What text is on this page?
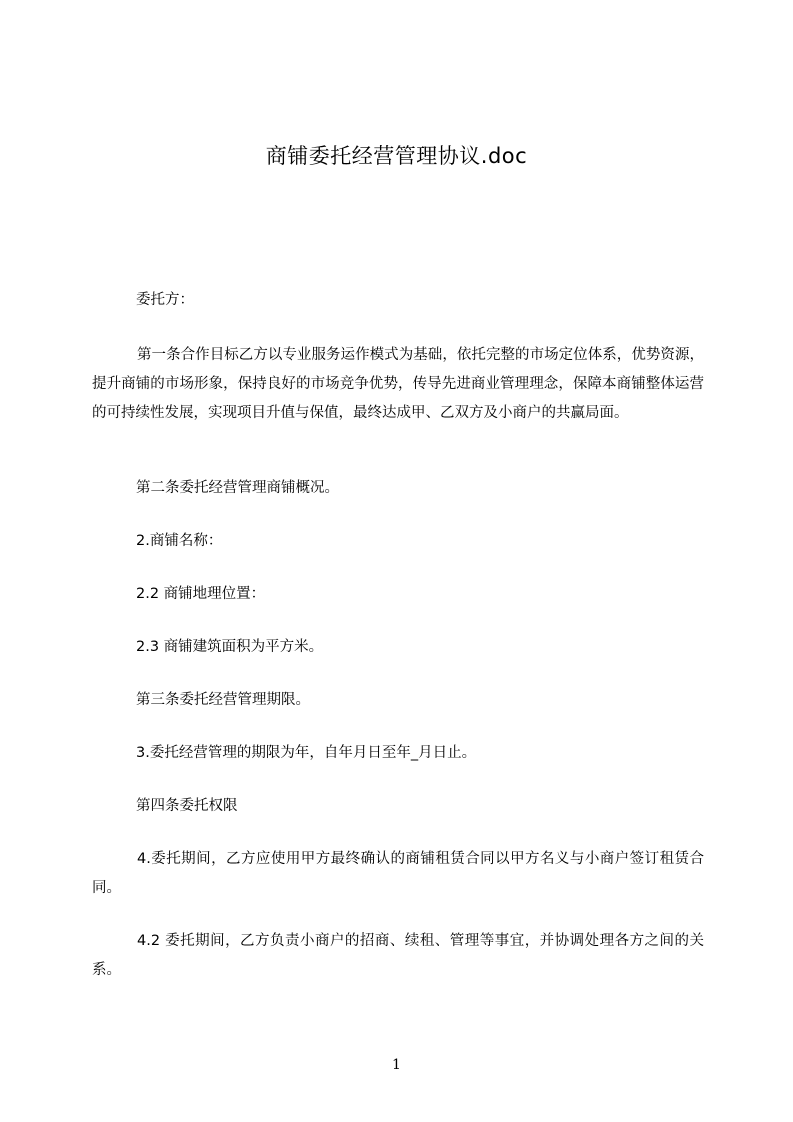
商铺委托经营管理协议.doc
委托方：
第一条合作目标乙方以专业服务运作模式为基础，依托完整的市场定位体系，优势资源，提升商铺的市场形象，保持良好的市场竞争优势，传导先进商业管理理念，保障本商铺整体运营的可持续性发展，实现项目升值与保值，最终达成甲、乙双方及小商户的共赢局面。
第二条委托经营管理商铺概况。
2.商铺名称：
2.2 商铺地理位置：
2.3 商铺建筑面积为平方米。
第三条委托经营管理期限。
3.委托经营管理的期限为年，自年月日至年_月日止。
第四条委托权限
4.委托期间，乙方应使用甲方最终确认的商铺租赁合同以甲方名义与小商户签订租赁合同。
4.2 委托期间，乙方负责小商户的招商、续租、管理等事宜，并协调处理各方之间的关系。
1
